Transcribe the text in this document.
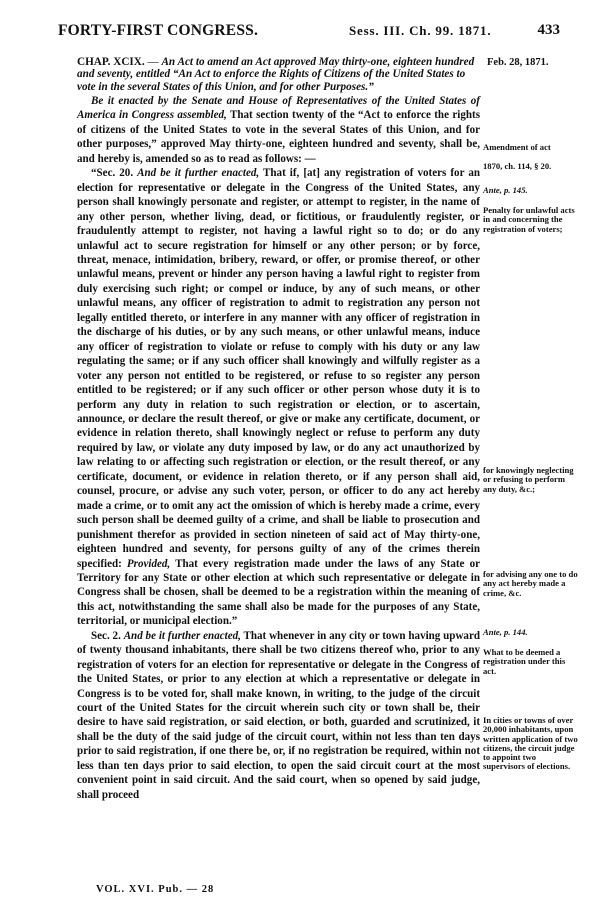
FORTY-FIRST CONGRESS.	Sess. III. Ch. 99. 1871.	433
CHAP. XCIX. — An Act to amend an Act approved May thirty-one, eighteen hundred and seventy, entitled “An Act to enforce the Rights of Citizens of the United States to vote in the several States of this Union, and for other Purposes.”
Feb. 28, 1871.

Be it enacted by the Senate and House of Representatives of the United States of America in Congress assembled, That section twenty of the “Act to enforce the rights of citizens of the United States to vote in the several States of this Union, and for other purposes,” approved May thirty-one, eighteen hundred and seventy, shall be, and hereby is, amended so as to read as follows: —

“Sec. 20. And be it further enacted, That if, [at] any registration of voters for an election for representative or delegate in the Congress of the United States, any person shall knowingly personate and register, or attempt to register, in the name of any other person, whether living, dead, or fictitious, or fraudulently register, or fraudulently attempt to register, not having a lawful right so to do; or do any unlawful act to secure registration for himself or any other person; or by force, threat, menace, intimidation, bribery, reward, or offer, or promise thereof, or other unlawful means, prevent or hinder any person having a lawful right to register from duly exercising such right; or compel or induce, by any of such means, or other unlawful means, any officer of registration to admit to registration any person not legally entitled thereto, or interfere in any manner with any officer of registration in the discharge of his duties, or by any such means, or other unlawful means, induce any officer of registration to violate or refuse to comply with his duty or any law regulating the same; or if any such officer shall knowingly and wilfully register as a voter any person not entitled to be registered, or refuse to so register any person entitled to be registered; or if any such officer or other person whose duty it is to perform any duty in relation to such registration or election, or to ascertain, announce, or declare the result thereof, or give or make any certificate, document, or evidence in relation thereto, shall knowingly neglect or refuse to perform any duty required by law, or violate any duty imposed by law, or do any act unauthorized by law relating to or affecting such registration or election, or the result thereof, or any certificate, document, or evidence in relation thereto, or if any person shall aid, counsel, procure, or advise any such voter, person, or officer to do any act hereby made a crime, or to omit any act the omission of which is hereby made a crime, every such person shall be deemed guilty of a crime, and shall be liable to prosecution and punishment therefor as provided in section nineteen of said act of May thirty-one, eighteen hundred and seventy, for persons guilty of any of the crimes therein specified: Provided, That every registration made under the laws of any State or Territory for any State or other election at which such representative or delegate in Congress shall be chosen, shall be deemed to be a registration within the meaning of this act, notwithstanding the same shall also be made for the purposes of any State, territorial, or municipal election.”

Sec. 2. And be it further enacted, That whenever in any city or town having upward of twenty thousand inhabitants, there shall be two citizens thereof who, prior to any registration of voters for an election for representative or delegate in the Congress of the United States, or prior to any election at which a representative or delegate in Congress is to be voted for, shall make known, in writing, to the judge of the circuit court of the United States for the circuit wherein such city or town shall be, their desire to have said registration, or said election, or both, guarded and scrutinized, it shall be the duty of the said judge of the circuit court, within not less than ten days prior to said registration, if one there be, or, if no registration be required, within not less than ten days prior to said election, to open the said circuit court at the most convenient point in said circuit. And the said court, when so opened by said judge, shall proceed

Amendment of act
1870, ch. 114, § 20.
Ante, p. 145.
Penalty for unlawful acts in and concerning the registration of voters;
for knowingly neglecting or refusing to perform any duty, &c.;
for advising any one to do any act hereby made a crime, &c.
Ante, p. 144.
What to be deemed a registration under this act.
In cities or towns of over 20,000 inhabitants, upon written application of two citizens, the circuit judge to appoint two supervisors of elections.
VOL. XVI. Pub. — 28
